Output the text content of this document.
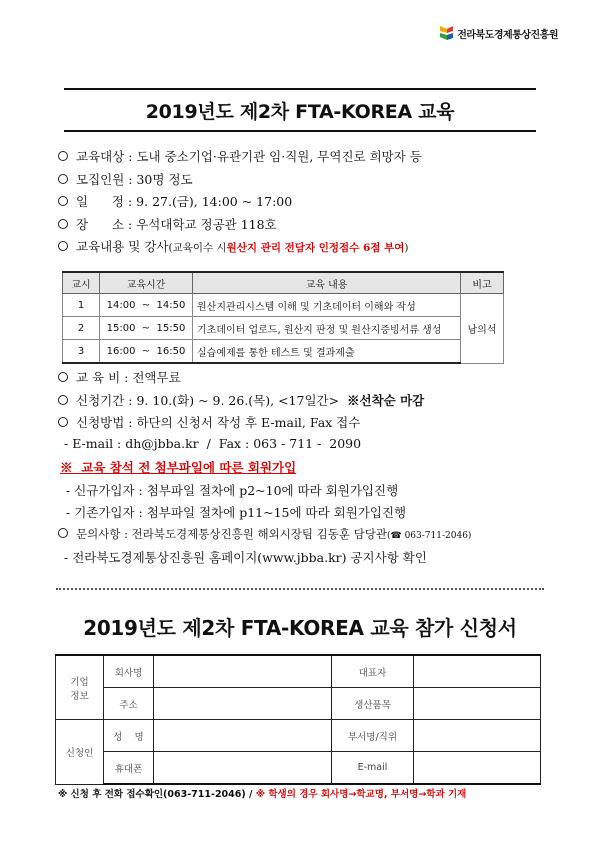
전라북도경제통상진흥원
2019년도 제2차 FTA-KOREA 교육
교육대상 : 도내 중소기업·유관기관 임·직원, 무역진로 희망자 등
모집인원 : 30명 정도
일      정 : 9. 27.(금), 14:00 ~ 17:00
장      소 : 우석대학교 정공관 118호
교육내용 및 강사 (교육이수 시 원산지 관리 전담자 인정점수 6점 부여 )
교시	교육시간	교육 내용	비고
1	14:00  ~  14:50	원산지관리시스템 이해 및 기초데이터 이해와 작성	남의석
2	15:00  ~  15:50	기초데이터 업로드, 원산지 판정 및 원산지증빙서류 생성	
3	16:00  ~  16:50	실습예제를 통한 테스트 및 결과제출	
교 육 비 : 전액무료
신청기간 : 9. 10.(화) ~ 9. 26.(목), <17일간>
※선착순 마감
신청방법 : 하단의 신청서 작성 후 E-mail, Fax 접수
- E-mail : dh@jbba.kr  /  Fax : 063 - 711 -  2090
※  교육 참석 전 첨부파일에 따른 회원가입
- 신규가입자 : 첨부파일 절차에 p2~10에 따라 회원가입진행
- 기존가입자 : 첨부파일 절차에 p11~15에 따라 회원가입진행
문의사항 : 전라북도경제통상진흥원 해외시장팀 김동훈 담당관 (☎ 063-711-2046)
- 전라북도경제통상진흥원 홈페이지(www.jbba.kr) 공지사항 확인
2019년도 제2차 FTA-KOREA 교육 참가 신청서
기업
정보	회사명		대표자	
	주소		생산품목	
신청인	성    명		부서명/직위	
	휴대폰		E-mail	
※ 신청 후 전화 접수확인(063-711-2046) / ※ 학생의 경우 회사명→학교명, 부서명→학과 기재
